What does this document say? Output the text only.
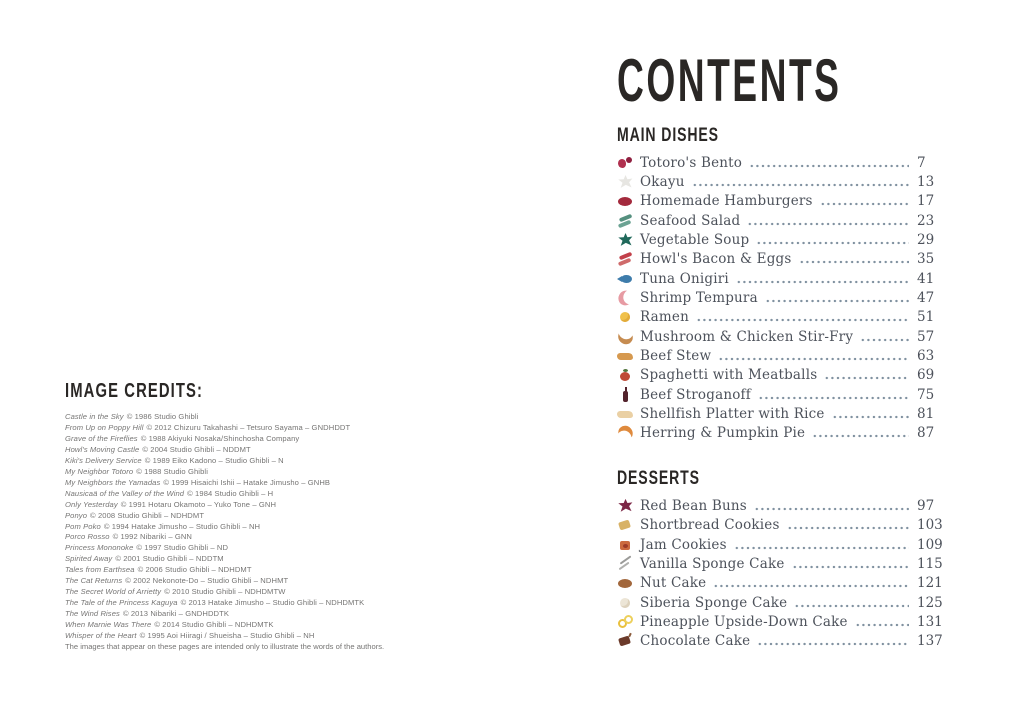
IMAGE CREDITS:
Castle in the Sky © 1986 Studio Ghibli
From Up on Poppy Hill © 2012 Chizuru Takahashi – Tetsuro Sayama – GNDHDDT
Grave of the Fireflies © 1988 Akiyuki Nosaka/Shinchosha Company
Howl's Moving Castle © 2004 Studio Ghibli – NDDMT
Kiki's Delivery Service © 1989 Eiko Kadono – Studio Ghibli – N
My Neighbor Totoro © 1988 Studio Ghibli
My Neighbors the Yamadas © 1999 Hisaichi Ishii – Hatake Jimusho – GNHB
Nausicaä of the Valley of the Wind © 1984 Studio Ghibli – H
Only Yesterday © 1991 Hotaru Okamoto – Yuko Tone – GNH
Ponyo © 2008 Studio Ghibli – NDHDMT
Pom Poko © 1994 Hatake Jimusho – Studio Ghibli – NH
Porco Rosso © 1992 Nibariki – GNN
Princess Mononoke © 1997 Studio Ghibli – ND
Spirited Away © 2001 Studio Ghibli – NDDTM
Tales from Earthsea © 2006 Studio Ghibli – NDHDMT
The Cat Returns © 2002 Nekonote-Do – Studio Ghibli – NDHMT
The Secret World of Arrietty © 2010 Studio Ghibli – NDHDMTW
The Tale of the Princess Kaguya © 2013 Hatake Jimusho – Studio Ghibli – NDHDMTK
The Wind Rises © 2013 Nibariki – GNDHDDTK
When Marnie Was There © 2014 Studio Ghibli – NDHDMTK
Whisper of the Heart © 1995 Aoi Hiiragi / Shueisha – Studio Ghibli – NH
The images that appear on these pages are intended only to illustrate the words of the authors.
CONTENTS
MAIN DISHES
Totoro's Bento	7
Okayu	13
Homemade Hamburgers	17
Seafood Salad	23
Vegetable Soup	29
Howl's Bacon & Eggs	35
Tuna Onigiri	41
Shrimp Tempura	47
Ramen	51
Mushroom & Chicken Stir-Fry	57
Beef Stew	63
Spaghetti with Meatballs	69
Beef Stroganoff	75
Shellfish Platter with Rice	81
Herring & Pumpkin Pie	87
DESSERTS
Red Bean Buns	97
Shortbread Cookies	103
Jam Cookies	109
Vanilla Sponge Cake	115
Nut Cake	121
Siberia Sponge Cake	125
Pineapple Upside-Down Cake	131
Chocolate Cake	137
